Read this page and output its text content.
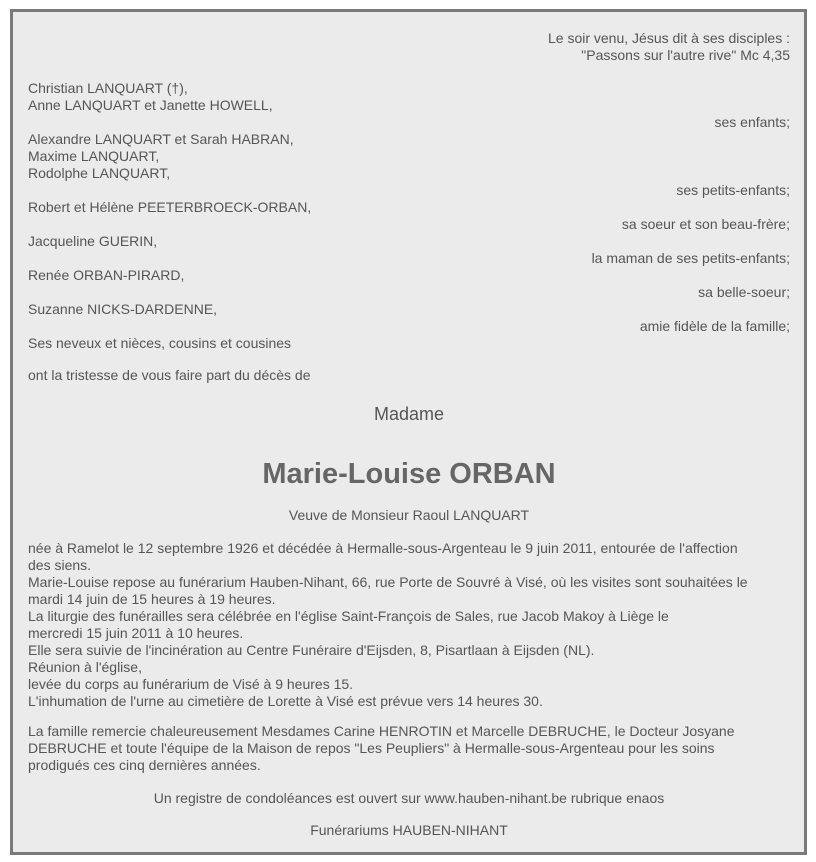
Le soir venu, Jésus dit à ses disciples :
"Passons sur l'autre rive" Mc 4,35
Christian LANQUART (†),
Anne LANQUART et Janette HOWELL,
ses enfants;
Alexandre LANQUART et Sarah HABRAN,
Maxime LANQUART,
Rodolphe LANQUART,
ses petits-enfants;
Robert et Hélène PEETERBROECK-ORBAN,
sa soeur et son beau-frère;
Jacqueline GUERIN,
la maman de ses petits-enfants;
Renée ORBAN-PIRARD,
sa belle-soeur;
Suzanne NICKS-DARDENNE,
amie fidèle de la famille;
Ses neveux et nièces, cousins et cousines
ont la tristesse de vous faire part du décès de
Madame
Marie-Louise ORBAN
Veuve de Monsieur Raoul LANQUART
née à Ramelot le 12 septembre 1926 et décédée à Hermalle-sous-Argenteau le 9 juin 2011, entourée de l'affection
des siens.
Marie-Louise repose au funérarium Hauben-Nihant, 66, rue Porte de Souvré à Visé, où les visites sont souhaitées le
mardi 14 juin de 15 heures à 19 heures.
La liturgie des funérailles sera célébrée en l'église Saint-François de Sales, rue Jacob Makoy à Liège le
mercredi 15 juin 2011 à 10 heures.
Elle sera suivie de l'incinération au Centre Funéraire d'Eijsden, 8, Pisartlaan à Eijsden (NL).
Réunion à l'église,
levée du corps au funérarium de Visé à 9 heures 15.
L'inhumation de l'urne au cimetière de Lorette à Visé est prévue vers 14 heures 30.
La famille remercie chaleureusement Mesdames Carine HENROTIN et Marcelle DEBRUCHE, le Docteur Josyane
DEBRUCHE et toute l'équipe de la Maison de repos "Les Peupliers" à Hermalle-sous-Argenteau pour les soins
prodigués ces cinq dernières années.
Un registre de condoléances est ouvert sur www.hauben-nihant.be rubrique enaos
Funérariums HAUBEN-NIHANT
